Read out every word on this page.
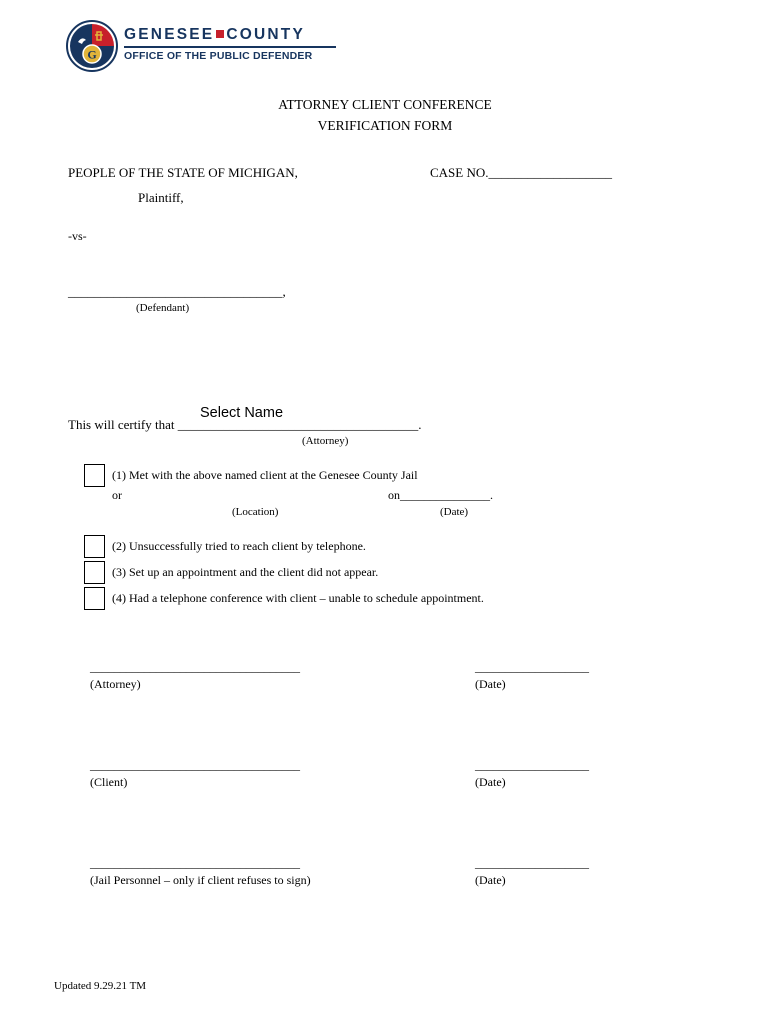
G
GENESEE COUNTY
OFFICE OF THE PUBLIC DEFENDER
ATTORNEY CLIENT CONFERENCE
VERIFICATION FORM
PEOPLE OF THE STATE OF MICHIGAN,	CASE NO.___________________
Plaintiff,
-vs-
_________________________________,
(Defendant)
This will certify that _____________________________________.
Select Name
(Attorney)
(1) Met with the above named client at the Genesee County Jail
or	on_______________.
(Location)	(Date)
(2) Unsuccessfully tried to reach client by telephone.
(3) Set up an appointment and the client did not appear.
(4) Had a telephone conference with client – unable to schedule appointment.
___________________________________
(Attorney)
___________________
(Date)
___________________________________
(Client)
___________________
(Date)
___________________________________
(Jail Personnel – only if client refuses to sign)
___________________
(Date)
Updated 9.29.21 TM
